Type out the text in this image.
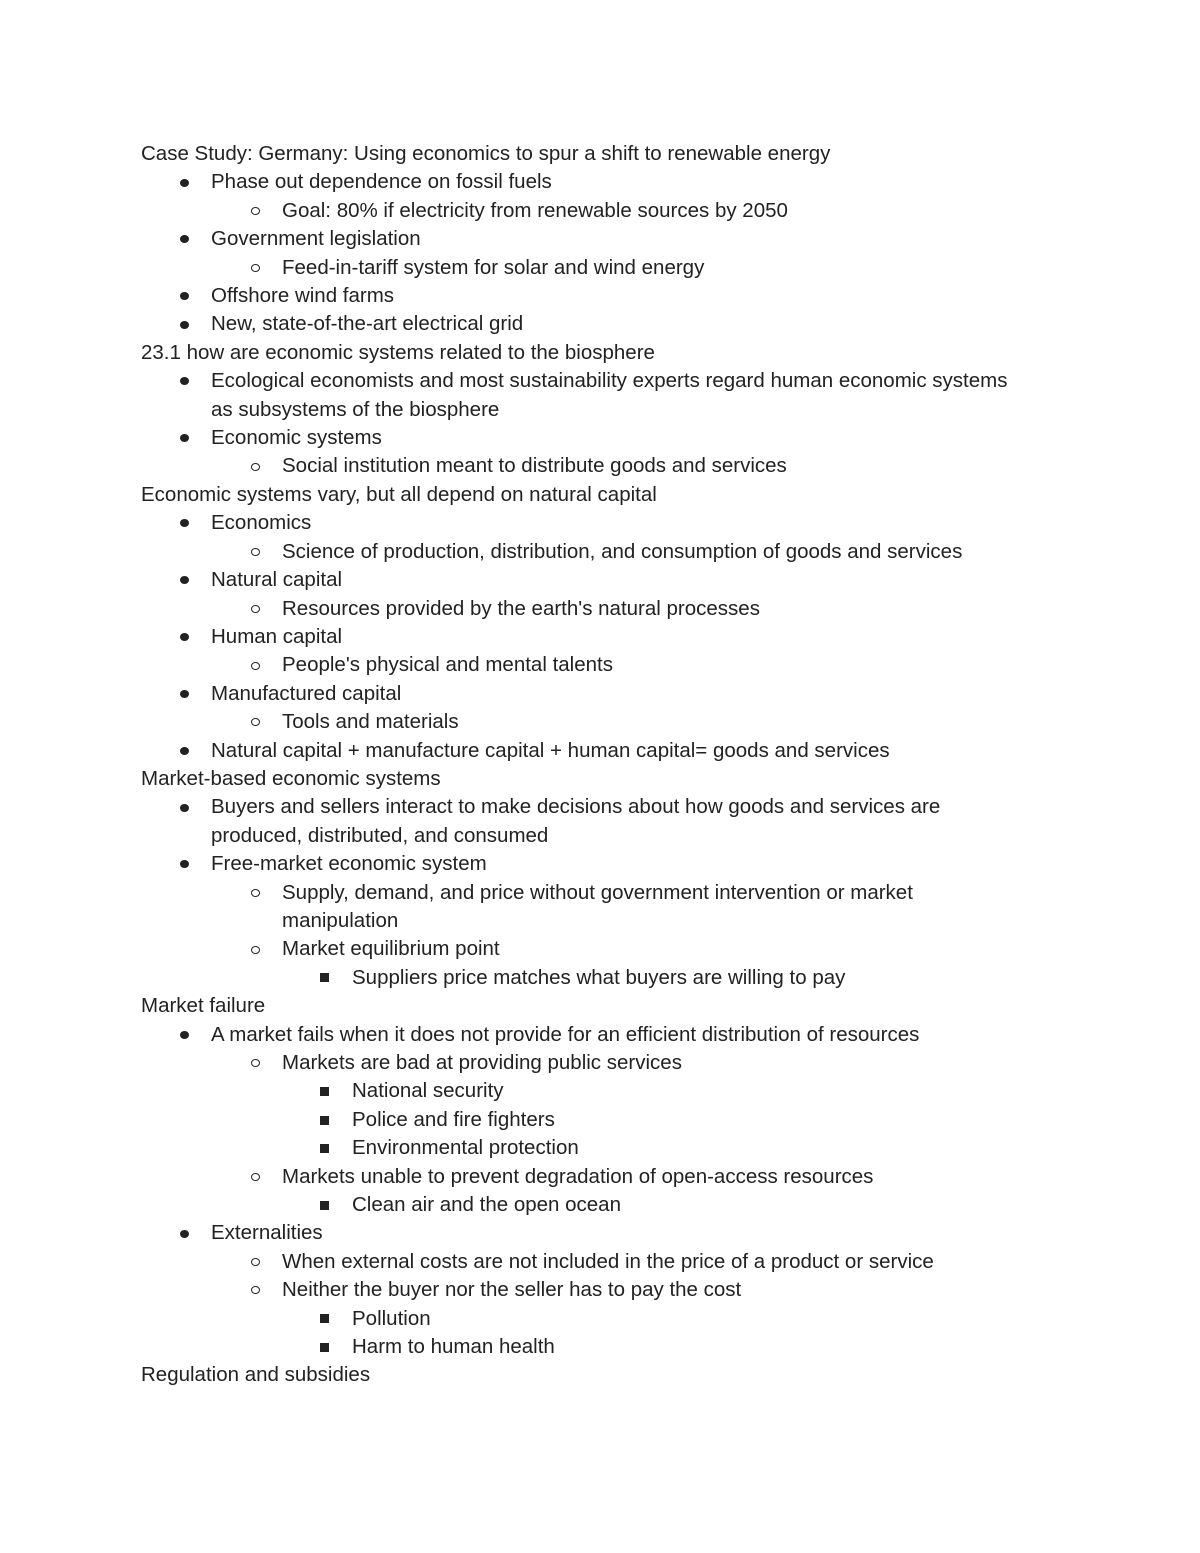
Case Study: Germany: Using economics to spur a shift to renewable energy
Phase out dependence on fossil fuels
Goal: 80% if electricity from renewable sources by 2050
Government legislation
Feed-in-tariff system for solar and wind energy
Offshore wind farms
New, state-of-the-art electrical grid
23.1 how are economic systems related to the biosphere
Ecological economists and most sustainability experts regard human economic systems
as subsystems of the biosphere
Economic systems
Social institution meant to distribute goods and services
Economic systems vary, but all depend on natural capital
Economics
Science of production, distribution, and consumption of goods and services
Natural capital
Resources provided by the earth's natural processes
Human capital
People's physical and mental talents
Manufactured capital
Tools and materials
Natural capital + manufacture capital + human capital= goods and services
Market-based economic systems
Buyers and sellers interact to make decisions about how goods and services are
produced, distributed, and consumed
Free-market economic system
Supply, demand, and price without government intervention or market
manipulation
Market equilibrium point
Suppliers price matches what buyers are willing to pay
Market failure
A market fails when it does not provide for an efficient distribution of resources
Markets are bad at providing public services
National security
Police and fire fighters
Environmental protection
Markets unable to prevent degradation of open-access resources
Clean air and the open ocean
Externalities
When external costs are not included in the price of a product or service
Neither the buyer nor the seller has to pay the cost
Pollution
Harm to human health
Regulation and subsidies
